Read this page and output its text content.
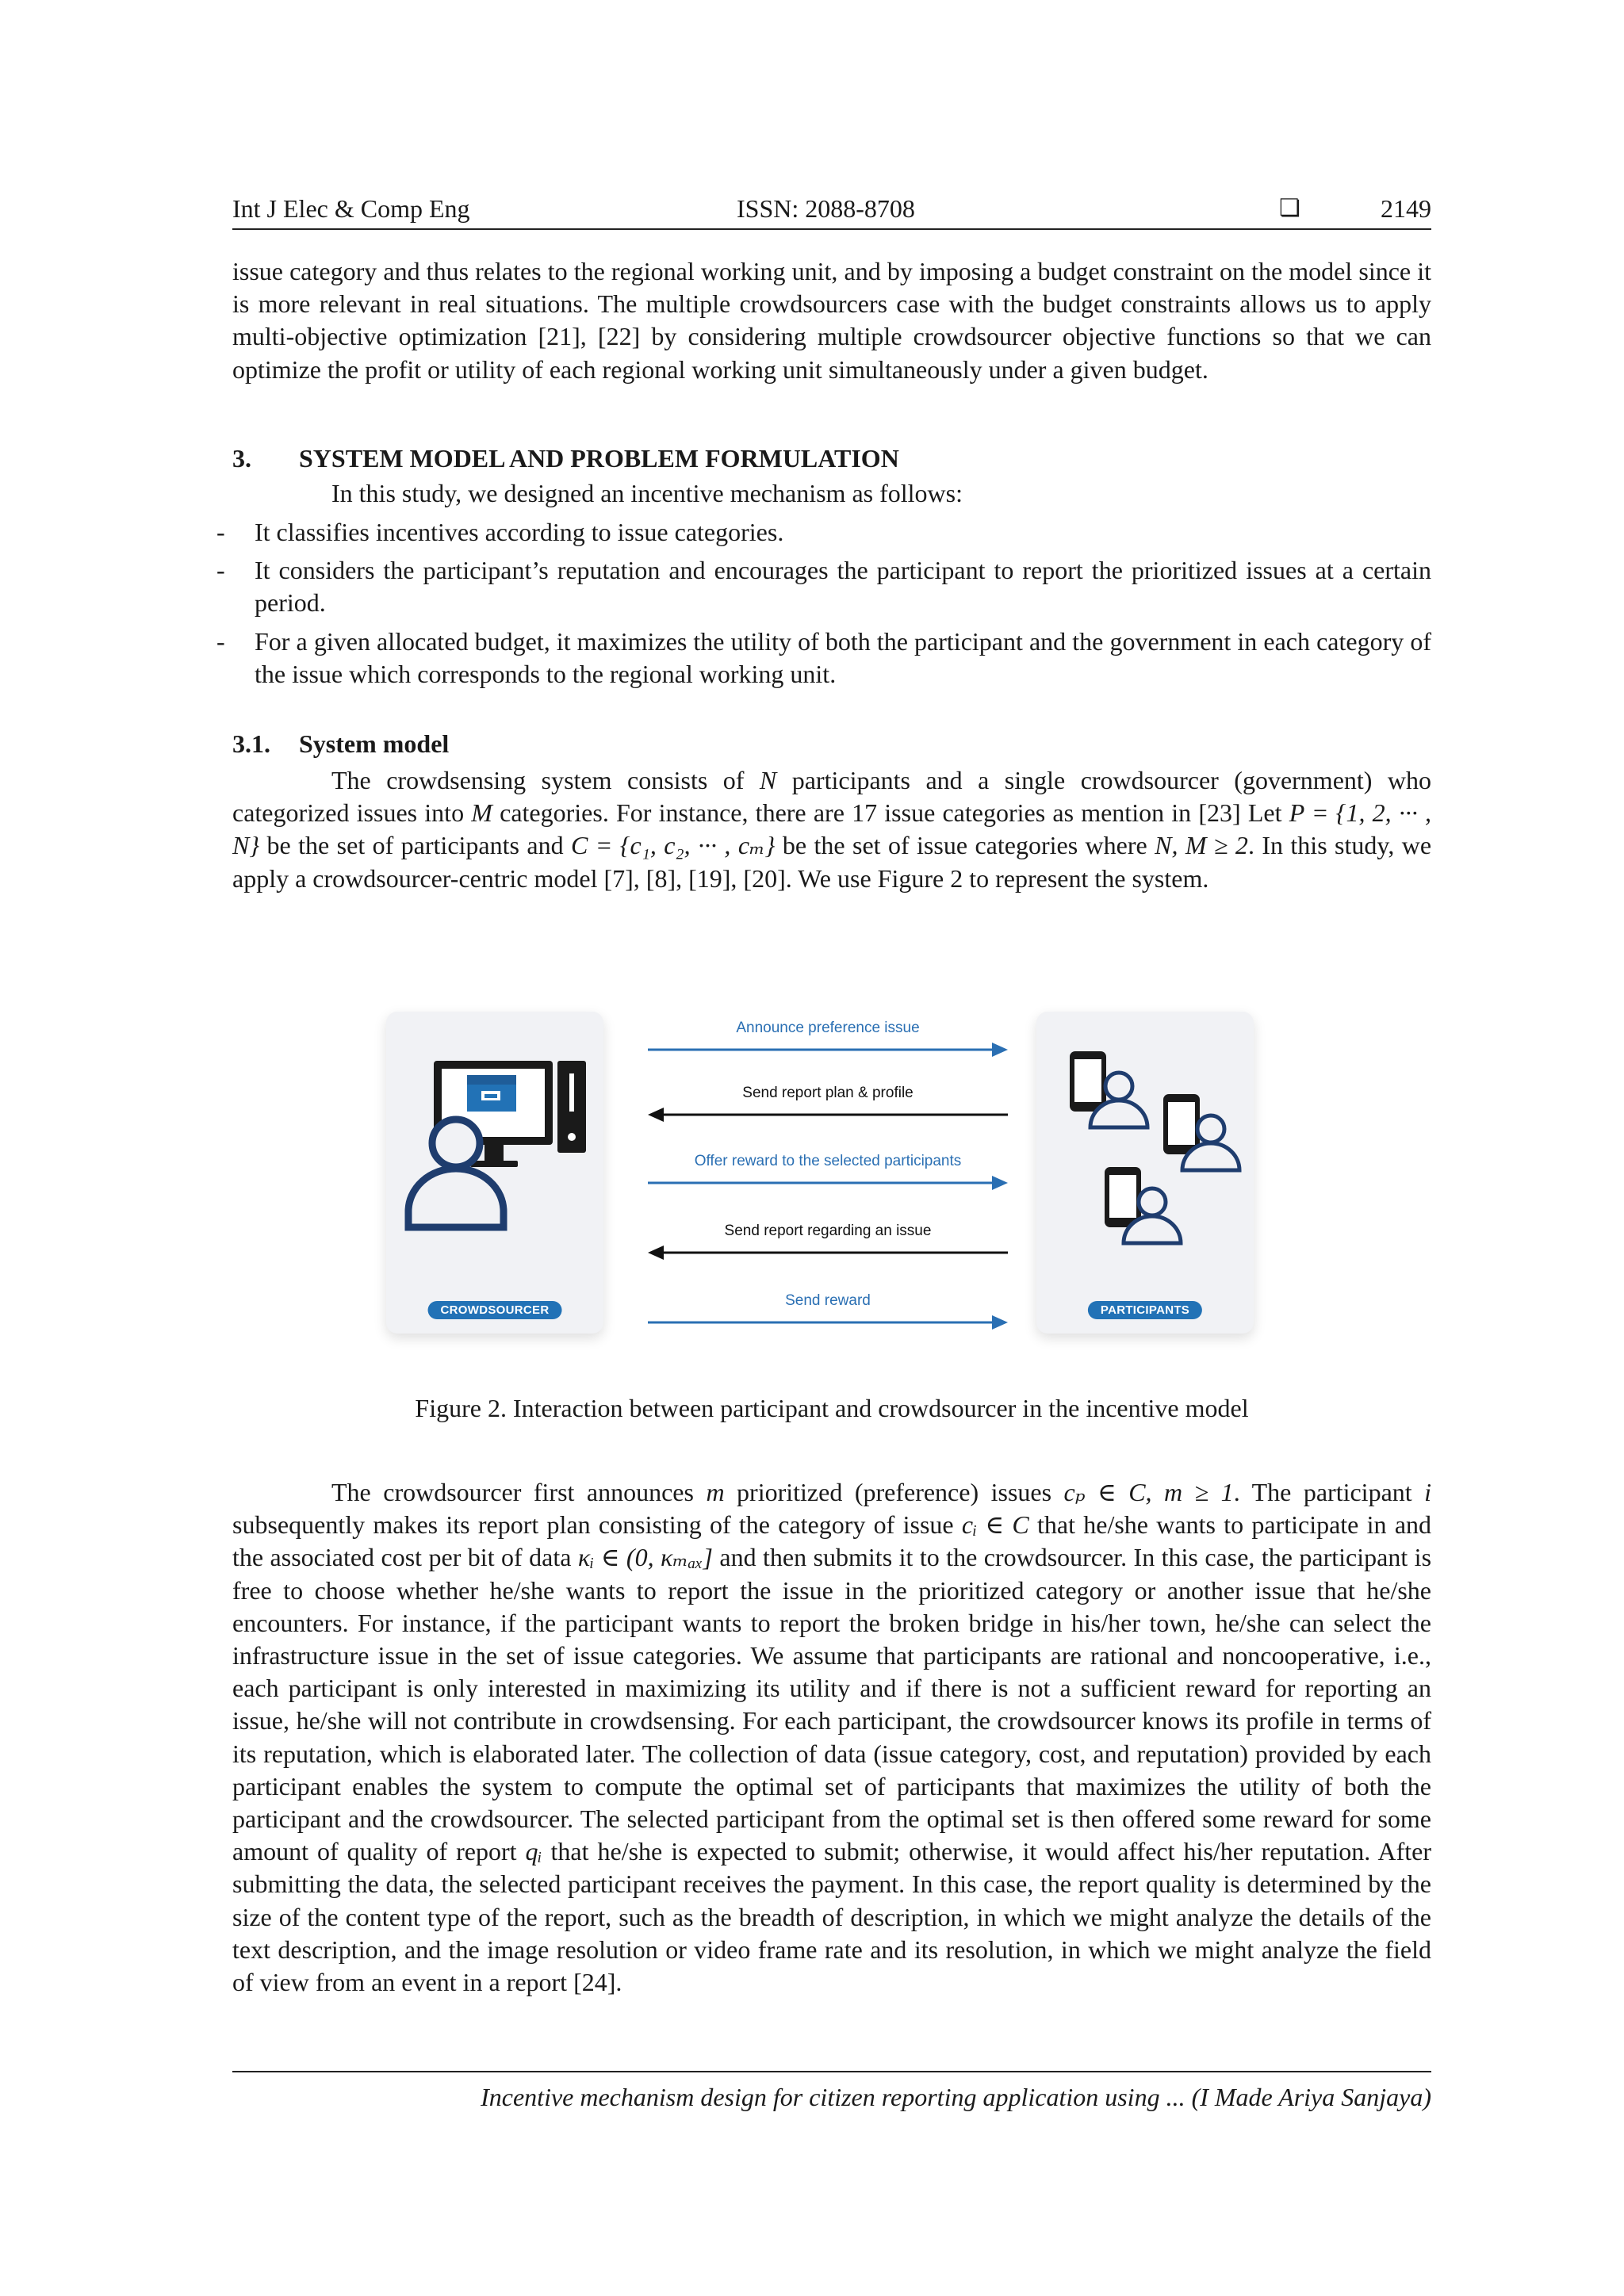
Int J Elec & Comp Eng	ISSN: 2088-8708	❏	2149

issue category and thus relates to the regional working unit, and by imposing a budget constraint on the model since it is more relevant in real situations. The multiple crowdsourcers case with the budget constraints allows us to apply multi-objective optimization [21], [22] by considering multiple crowdsourcer objective functions so that we can optimize the profit or utility of each regional working unit simultaneously under a given budget.

3. SYSTEM MODEL AND PROBLEM FORMULATION

In this study, we designed an incentive mechanism as follows:

- It classifies incentives according to issue categories.
- It considers the participant’s reputation and encourages the participant to report the prioritized issues at a certain period.
- For a given allocated budget, it maximizes the utility of both the participant and the government in each category of the issue which corresponds to the regional working unit.
3.1. System model

The crowdsensing system consists of N participants and a single crowdsourcer (government) who categorized issues into M categories. For instance, there are 17 issue categories as mention in [23] Let P = {1, 2, ··· , N} be the set of participants and C = {c₁, c₂, ··· , cₘ} be the set of issue categories where N, M ≥ 2. In this study, we apply a crowdsourcer-centric model [7], [8], [19], [20]. We use Figure 2 to represent the system.

CROWDSOURCER
Announce preference issue
Send report plan & profile
Offer reward to the selected participants
Send report regarding an issue
Send reward
PARTICIPANTS
Figure 2. Interaction between participant and crowdsourcer in the incentive model

The crowdsourcer first announces m prioritized (preference) issues cₚ ∈ C, m ≥ 1. The participant i subsequently makes its report plan consisting of the category of issue cᵢ ∈ C that he/she wants to participate in and the associated cost per bit of data κᵢ ∈ (0, κₘₐₓ] and then submits it to the crowdsourcer. In this case, the participant is free to choose whether he/she wants to report the issue in the prioritized category or another issue that he/she encounters. For instance, if the participant wants to report the broken bridge in his/her town, he/she can select the infrastructure issue in the set of issue categories. We assume that participants are rational and noncooperative, i.e., each participant is only interested in maximizing its utility and if there is not a sufficient reward for reporting an issue, he/she will not contribute in crowdsensing. For each participant, the crowdsourcer knows its profile in terms of its reputation, which is elaborated later. The collection of data (issue category, cost, and reputation) provided by each participant enables the system to compute the optimal set of participants that maximizes the utility of both the participant and the crowdsourcer. The selected participant from the optimal set is then offered some reward for some amount of quality of report qᵢ that he/she is expected to submit; otherwise, it would affect his/her reputation. After submitting the data, the selected participant receives the payment. In this case, the report quality is determined by the size of the content type of the report, such as the breadth of description, in which we might analyze the details of the text description, and the image resolution or video frame rate and its resolution, in which we might analyze the field of view from an event in a report [24].

Incentive mechanism design for citizen reporting application using ... (I Made Ariya Sanjaya)
